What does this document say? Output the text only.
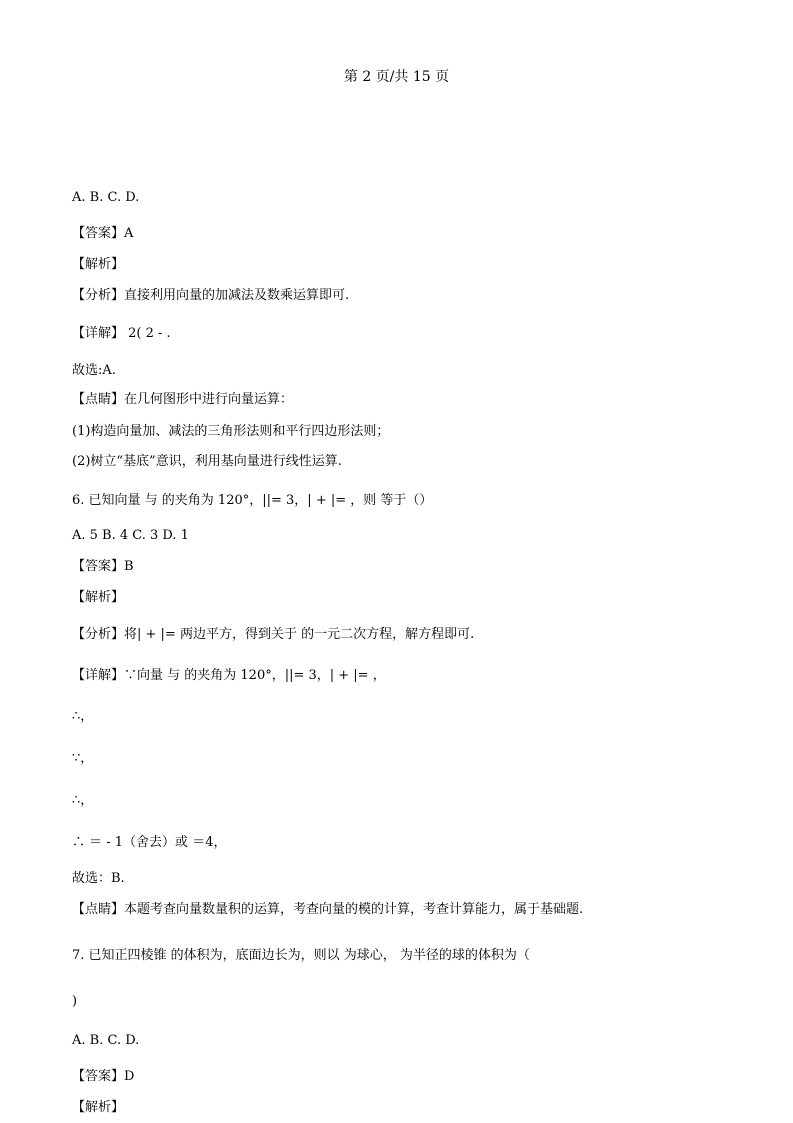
第 2 页/共 15 页
A. B. C. D.
【答案】A
【解析】
【分析】直接利用向量的加减法及数乘运算即可.
【详解】 2( 2 - .
故选:A.
【点睛】在几何图形中进行向量运算：
(1)构造向量加、减法的三角形法则和平行四边形法则；
(2)树立“基底”意识，利用基向量进行线性运算.
6. 已知向量 与 的夹角为 120°，||= 3，| + |= ，则 等于（）
A. 5 B. 4 C. 3 D. 1
【答案】B
【解析】
【分析】将| + |= 两边平方，得到关于 的一元二次方程，解方程即可.
【详解】∵向量 与 的夹角为 120°，||= 3，| + |= ，
∴，
∵，
∴，
∴ ＝ - 1（舍去）或 ＝4，
故选：B.
【点睛】本题考查向量数量积的运算，考查向量的模的计算，考查计算能力，属于基础题.
7. 已知正四棱锥 的体积为，底面边长为，则以 为球心， 为半径的球的体积为（
)
A. B. C. D.
【答案】D
【解析】
